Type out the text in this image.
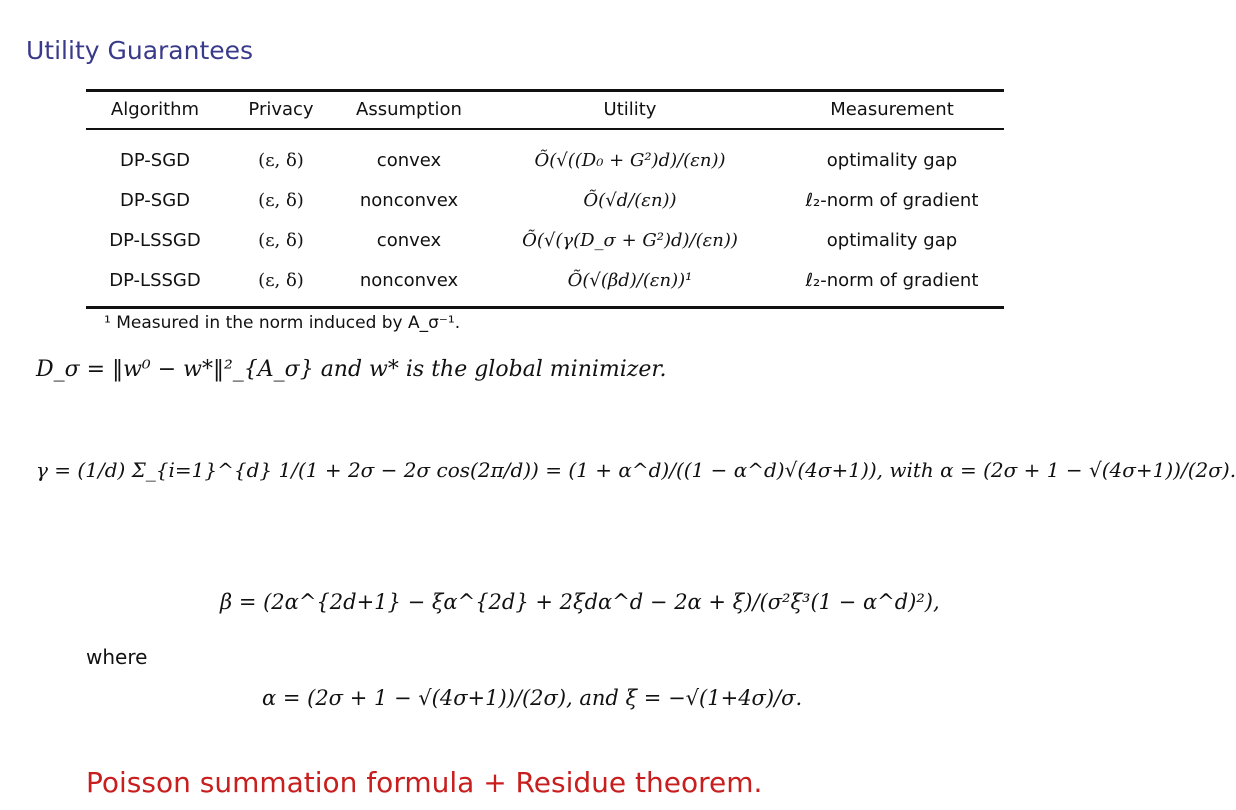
Utility Guarantees
Algorithm	Privacy	Assumption	Utility	Measurement
DP-SGD	(ε, δ)	convex	Õ(√((D₀ + G²)d)/(εn))	optimality gap
DP-SGD	(ε, δ)	nonconvex	Õ(√d/(εn))	ℓ₂-norm of gradient
DP-LSSGD	(ε, δ)	convex	Õ(√(γ(D_σ + G²)d)/(εn))	optimality gap
DP-LSSGD	(ε, δ)	nonconvex	Õ(√(βd)/(εn))¹	ℓ₂-norm of gradient
¹ Measured in the norm induced by A_σ⁻¹.
D_σ = ‖w⁰ − w*‖²_{A_σ} and w* is the global minimizer.
γ = (1/d) Σ_{i=1}^{d} 1/(1 + 2σ − 2σ cos(2π/d)) = (1 + α^d)/((1 − α^d)√(4σ+1)), with α = (2σ + 1 − √(4σ+1))/(2σ).
β = (2α^{2d+1} − ξα^{2d} + 2ξdα^d − 2α + ξ)/(σ²ξ³(1 − α^d)²),
where
α = (2σ + 1 − √(4σ+1))/(2σ), and ξ = −√(1+4σ)/σ.
Poisson summation formula + Residue theorem.
